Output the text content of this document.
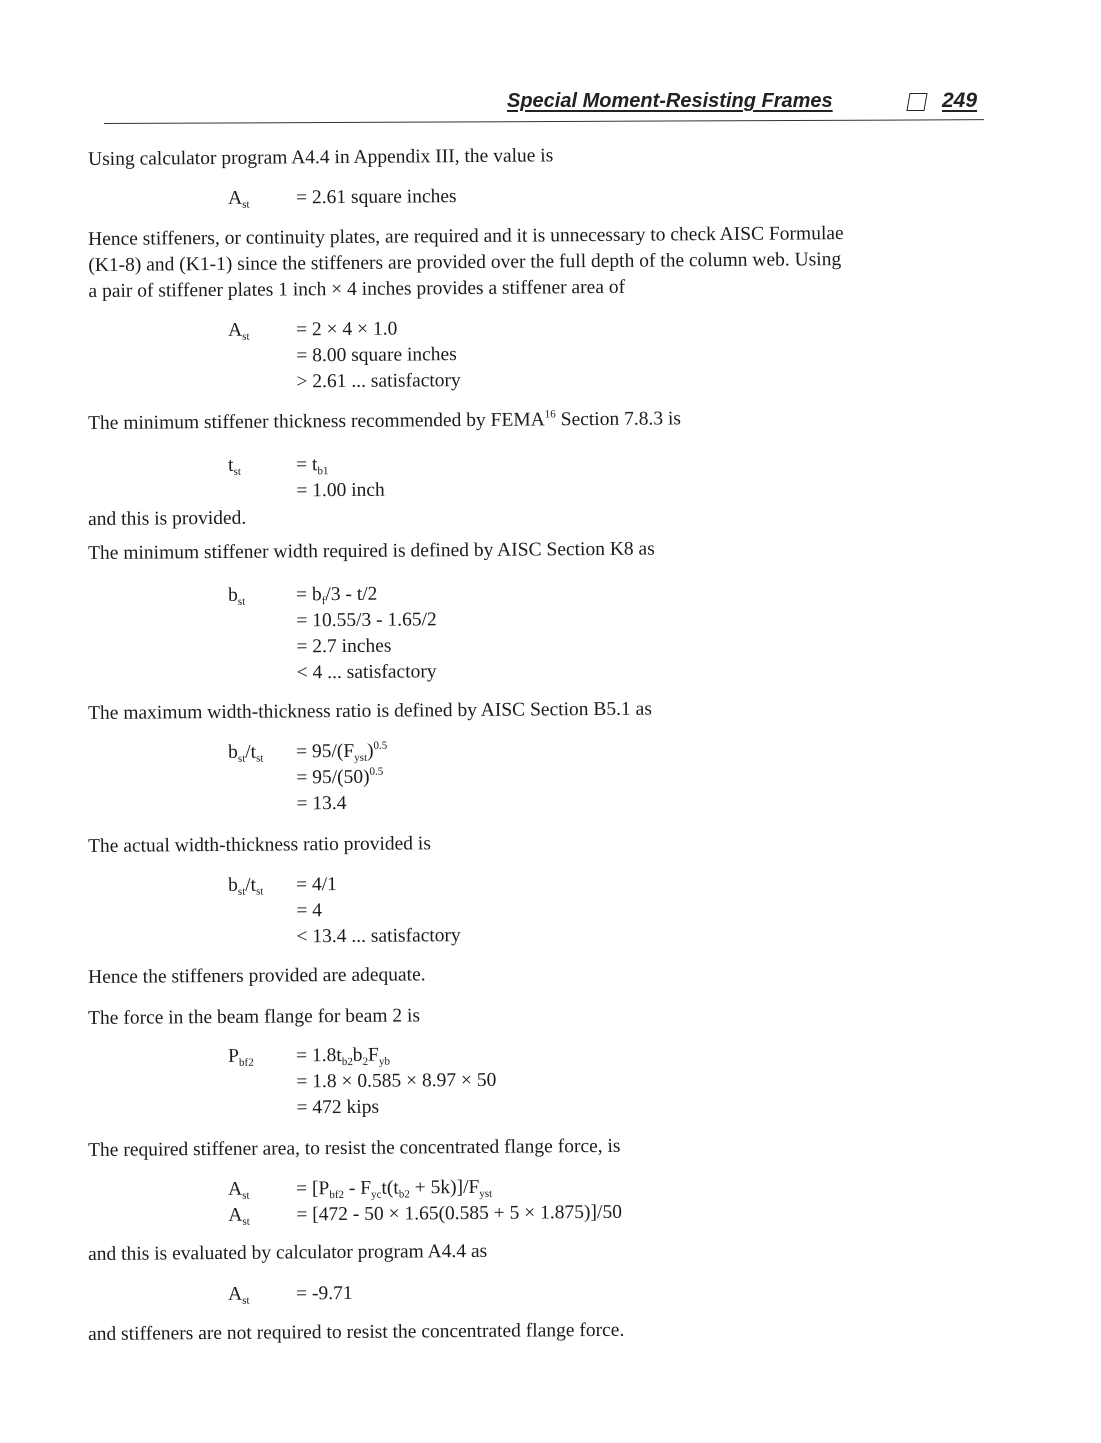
Special Moment-Resisting Frames	249

Using calculator program A4.4 in Appendix III, the value is

$A_{st} = 2.61$ square inches

Hence stiffeners, or continuity plates, are required and it is unnecessary to check AISC Formulae

(K1-8) and (K1-1) since the stiffeners are provided over the full depth of the column web. Using

a pair of stiffener plates 1 inch × 4 inches provides a stiffener area of

$A_{st} = 2 \times 4 \times 1.0$
= 8.00 square inches
> 2.61 ... satisfactory

The minimum stiffener thickness recommended by FEMA$^{16}$ Section 7.8.3 is

$t_{st}$	= $t_{b1}$
= 1.00 inch

and this is provided.

The minimum stiffener width required is defined by AISC Section K8 as

$b_{st}$	= $b_f/3 - t/2$
= 10.55/3 - 1.65/2
= 2.7 inches
< 4 ... satisfactory

The maximum width-thickness ratio is defined by AISC Section B5.1 as

$b_{st}/t_{st} = 95/(F_{yst})^{0.5}$
= $95/(50)^{0.5}$
= 13.4

The actual width-thickness ratio provided is

$b_{st}/t_{st} = 4/1$
= 4
< 13.4 ... satisfactory

Hence the stiffeners provided are adequate.

The force in the beam flange for beam 2 is

$P_{bf2} = 1.8t_{b2}b_2F_{yb}$
= 1.8 × 0.585 × 8.97 × 50
= 472 kips

The required stiffener area, to resist the concentrated flange force, is

$A_{st} = [P_{bf2} - F_{yc}t(t_{b2} + 5k)]/F_{yst}$
$A_{st} = [472 - 50 \times 1.65(0.585 + 5 \times 1.875)]/50$

and this is evaluated by calculator program A4.4 as

$A_{st} = -9.71$

and stiffeners are not required to resist the concentrated flange force.
